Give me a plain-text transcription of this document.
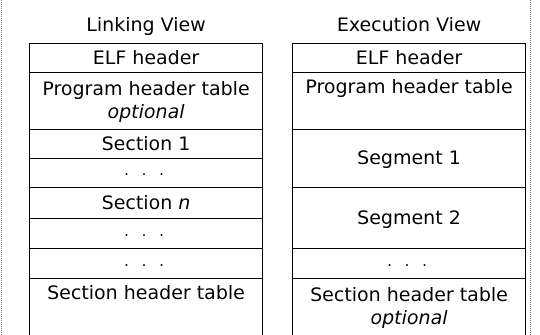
Linking View
ELF header
Program header table
optional
Section 1
. . .
Section n
. . .
. . .
Section header table
Execution View
ELF header
Program header table
Segment 1
Segment 2
. . .
Section header table
optional
